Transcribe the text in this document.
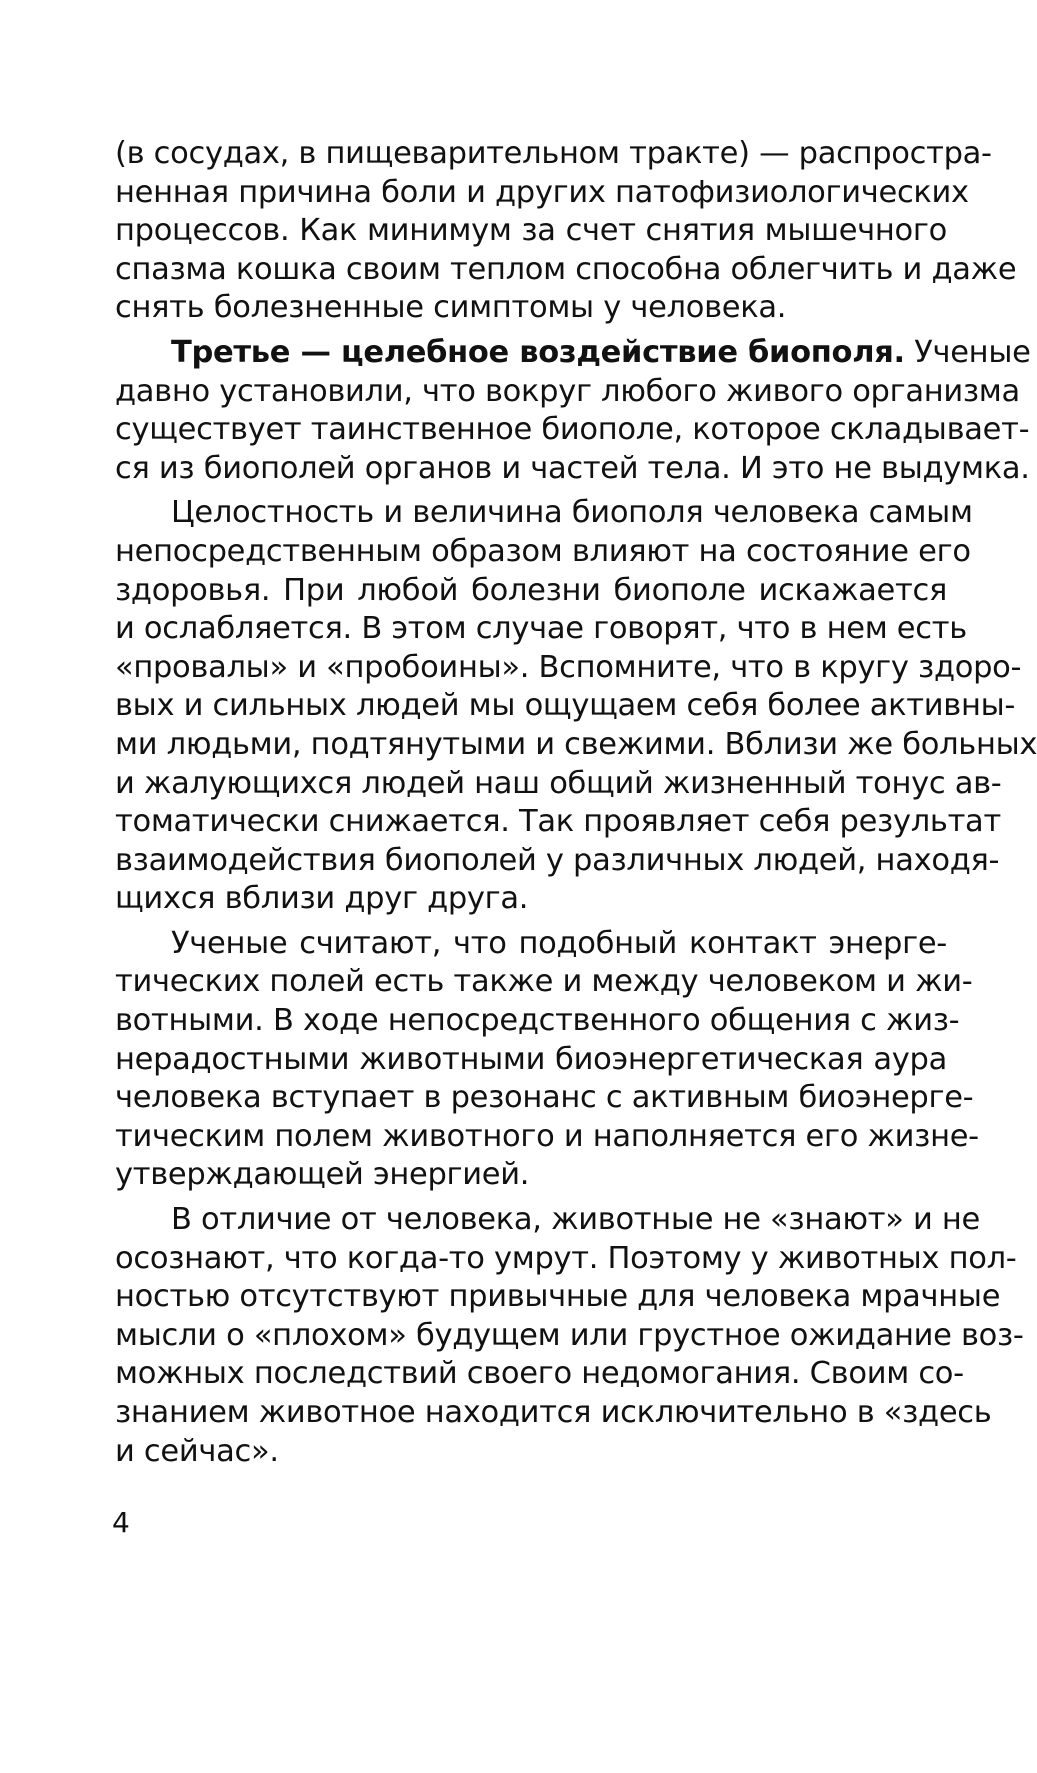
(в сосудах, в пищеварительном тракте) — распростра-
ненная причина боли и других патофизиологических
процессов. Как минимум за счет снятия мышечного
спазма кошка своим теплом способна облегчить и даже
снять болезненные симптомы у человека.
Третье — целебное воздействие биополя. Ученые
давно установили, что вокруг любого живого организма
существует таинственное биополе, которое складывает-
ся из биополей органов и частей тела. И это не выдумка.
Целостность и величина биополя человека самым
непосредственным образом влияют на состояние его
здоровья. При любой болезни биополе искажается
и ослабляется. В этом случае говорят, что в нем есть
«провалы» и «пробоины». Вспомните, что в кругу здоро-
вых и сильных людей мы ощущаем себя более активны-
ми людьми, подтянутыми и свежими. Вблизи же больных
и жалующихся людей наш общий жизненный тонус ав-
томатически снижается. Так проявляет себя результат
взаимодействия биополей у различных людей, находя-
щихся вблизи друг друга.
Ученые считают, что подобный контакт энерге-
тических полей есть также и между человеком и жи-
вотными. В ходе непосредственного общения с жиз-
нерадостными животными биоэнергетическая аура
человека вступает в резонанс с активным биоэнерге-
тическим полем животного и наполняется его жизне-
утверждающей энергией.
В отличие от человека, животные не «знают» и не
осознают, что когда-то умрут. Поэтому у животных пол-
ностью отсутствуют привычные для человека мрачные
мысли о «плохом» будущем или грустное ожидание воз-
можных последствий своего недомогания. Своим со-
знанием животное находится исключительно в «здесь
и сейчас».
4
